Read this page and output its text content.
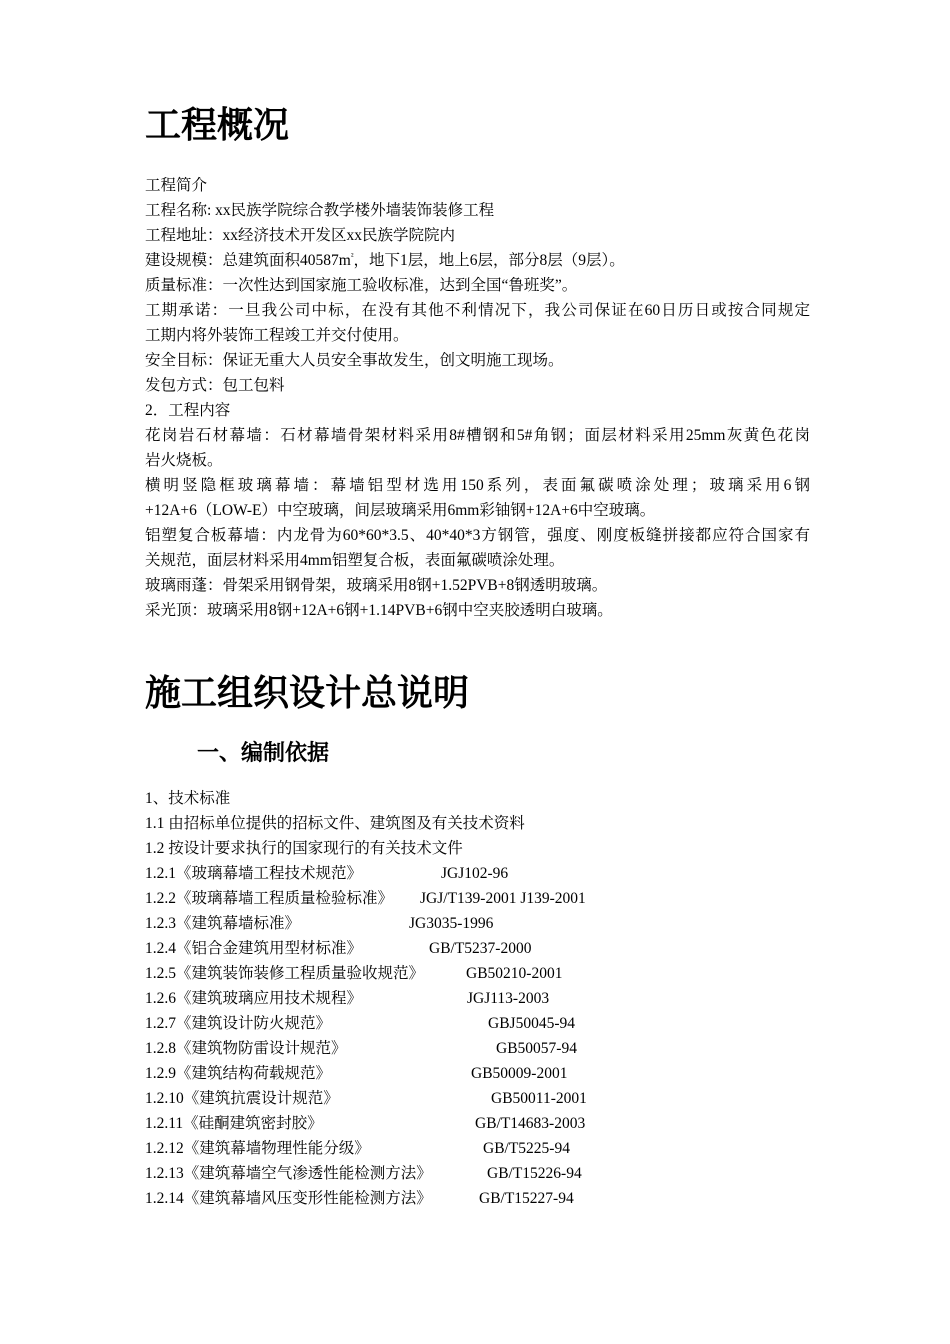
工程概况
工程简介
工程名称: xx民族学院综合教学楼外墙装饰装修工程
工程地址：xx经济技术开发区xx民族学院院内
建设规模：总建筑面积$40587m^{^2}$，地下1层，地上6层，部分8层（9层）。
质量标准：一次性达到国家施工验收标准，达到全国“鲁班奖”。
工期承诺：一旦我公司中标，在没有其他不利情况下，我公司保证在60日历日或按合同规定
工期内将外装饰工程竣工并交付使用。
安全目标：保证无重大人员安全事故发生，创文明施工现场。
发包方式：包工包料
2．工程内容
花岗岩石材幕墙：石材幕墙骨架材料采用8#槽钢和5#角钢；面层材料采用25mm灰黄色花岗
岩火烧板。
横明竖隐框玻璃幕墙：幕墙铝型材选用150系列，表面氟碳喷涂处理；玻璃采用6钢
+12A+6（LOW-E）中空玻璃，间层玻璃采用6mm彩铀钢+12A+6中空玻璃。
铝塑复合板幕墙：内龙骨为60*60*3.5、40*40*3方钢管，强度、刚度板缝拼接都应符合国家有
关规范，面层材料采用4mm铝塑复合板，表面氟碳喷涂处理。
玻璃雨蓬：骨架采用钢骨架，玻璃采用8钢+1.52PVB+8钢透明玻璃。
采光顶：玻璃采用8钢+12A+6钢+1.14PVB+6钢中空夹胶透明白玻璃。
施工组织设计总说明
一、编制依据
1、技术标准
1.1 由招标单位提供的招标文件、建筑图及有关技术资料
1.2 按设计要求执行的国家现行的有关技术文件
1.2.1《玻璃幕墙工程技术规范》	JGJ102-96
1.2.2《玻璃幕墙工程质量检验标准》 JGJ/T139-2001 J139-2001
1.2.3《建筑幕墙标准》	JG3035-1996
1.2.4《铝合金建筑用型材标准》	GB/T5237-2000
1.2.5《建筑装饰装修工程质量验收规范》	GB50210-2001
1.2.6《建筑玻璃应用技术规程》	JGJ113-2003
1.2.7《建筑设计防火规范》	GBJ50045-94
1.2.8《建筑物防雷设计规范》	GB50057-94
1.2.9《建筑结构荷载规范》	GB50009-2001
1.2.10《建筑抗震设计规范》	GB50011-2001
1.2.11《硅酮建筑密封胶》	GB/T14683-2003
1.2.12《建筑幕墙物理性能分级》	GB/T5225-94
1.2.13《建筑幕墙空气渗透性能检测方法》	GB/T15226-94
1.2.14《建筑幕墙风压变形性能检测方法》	GB/T15227-94
